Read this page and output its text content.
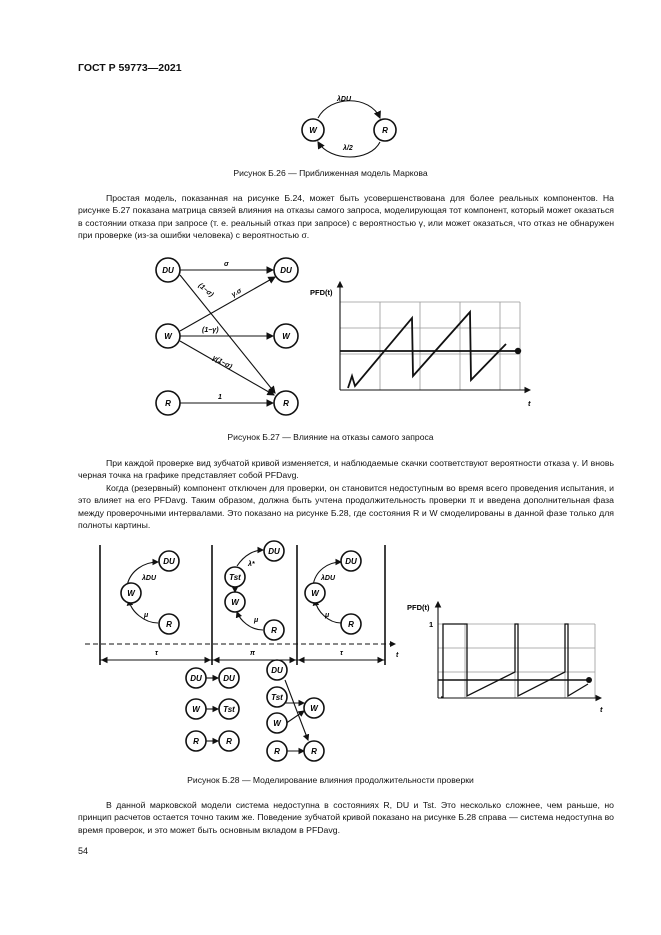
ГОСТ Р 59773—2021
W	R
λDU
λ/2
Рисунок Б.26 — Приближенная модель Маркова

Простая модель, показанная на рисунке Б.24, может быть усовершенствована для более реальных компонентов. На рисунке Б.27 показана матрица связей влияния на отказы самого запроса, моделирующая тот компонент, который может оказаться в состоянии отказа при запросе (т. е. реальный отказ при запросе) с вероятностью γ, или может оказаться, что отказ не обнаружен при проверке (из-за ошибки человека) с вероятностью σ.

DU
W
R
DU
W
R
σ
(1−σ) γ.σ
(1−γ)
γ(1−σ)
1
PFD(t)
t
Рисунок Б.27 — Влияние на отказы самого запроса

При каждой проверке вид зубчатой кривой изменяется, и наблюдаемые скачки соответствуют вероятности отказа γ. И вновь черная точка на графике представляет собой PFDavg.

Когда (резервный) компонент отключен для проверки, он становится недоступным во время всего проведения испытания, и это влияет на его PFDavg. Таким образом, должна быть учтена продолжительность проверки π и введена дополнительная фаза между проверочными интервалами. Это показано на рисунке Б.28, где состояния R и W смоделированы в данной фазе только для полноты картины.

τ	π	τ	t
DU
W
R
λDU
μ
DU
Tst
W
R
λ*
μ
DU
W
R
λDU
μ
DU	DU
W	Tst
R	R
DU
Tst
W
W
R	R
PFD(t)
1
t
Рисунок Б.28 — Моделирование влияния продолжительности проверки

В данной марковской модели система недоступна в состояниях R, DU и Tst. Это несколько сложнее, чем раньше, но принцип расчетов остается точно таким же. Поведение зубчатой кривой показано на рисунке Б.28 справа — система недоступна во время проверок, и это может быть основным вкладом в PFDavg.

54
